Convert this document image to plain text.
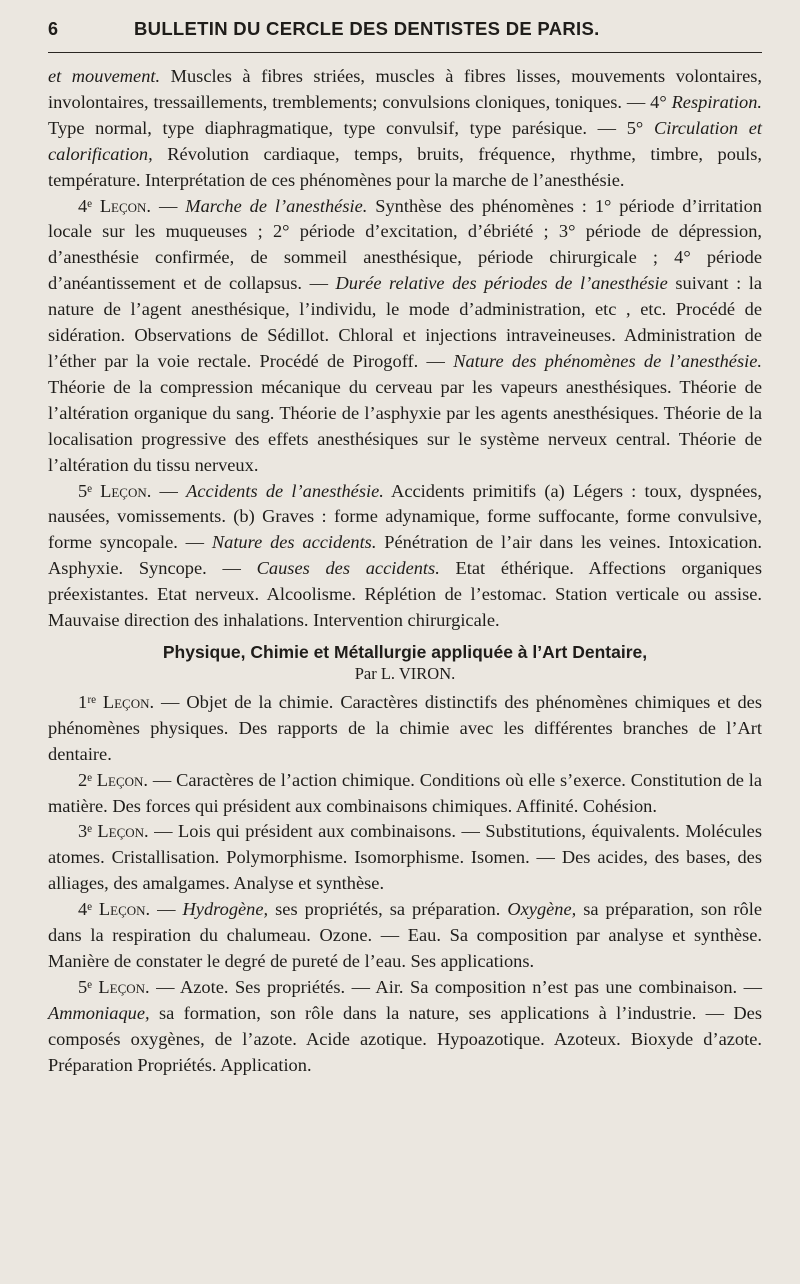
6	BULLETIN DU CERCLE DES DENTISTES DE PARIS.

et mouvement. Muscles à fibres striées, muscles à fibres lisses, mouvements volontaires, involontaires, tressaillements, tremblements; convulsions cloniques, toniques. — 4° Respiration. Type normal, type diaphragmatique, type convulsif, type parésique. — 5° Circulation et calorification, Révolution cardiaque, temps, bruits, fréquence, rhythme, timbre, pouls, température. Interprétation de ces phénomènes pour la marche de l’anesthésie.

4ᵉ Leçon. — Marche de l’anesthésie. Synthèse des phénomènes : 1° période d’irritation locale sur les muqueuses ; 2° période d’excitation, d’ébriété ; 3° période de dépression, d’anesthésie confirmée, de sommeil anesthésique, période chirurgicale ; 4° période d’anéantissement et de collapsus. — Durée relative des périodes de l’anesthésie suivant : la nature de l’agent anesthésique, l’individu, le mode d’administration, etc , etc. Procédé de sidération. Observations de Sédillot. Chloral et injections intraveineuses. Administration de l’éther par la voie rectale. Procédé de Pirogoff. — Nature des phénomènes de l’anesthésie. Théorie de la compression mécanique du cerveau par les vapeurs anesthésiques. Théorie de l’altération organique du sang. Théorie de l’asphyxie par les agents anesthésiques. Théorie de la localisation progressive des effets anesthésiques sur le système nerveux central. Théorie de l’altération du tissu nerveux.

5ᵉ Leçon. — Accidents de l’anesthésie. Accidents primitifs (a) Légers : toux, dyspnées, nausées, vomissements. (b) Graves : forme adynamique, forme suffocante, forme convulsive, forme syncopale. — Nature des accidents. Pénétration de l’air dans les veines. Intoxication. Asphyxie. Syncope. — Causes des accidents. Etat éthérique. Affections organiques préexistantes. Etat nerveux. Alcoolisme. Réplétion de l’estomac. Station verticale ou assise. Mauvaise direction des inhalations. Intervention chirurgicale.

Physique, Chimie et Métallurgie appliquée à l’Art Dentaire,
Par L. VIRON.

1ʳᵉ Leçon. — Objet de la chimie. Caractères distinctifs des phénomènes chimiques et des phénomènes physiques. Des rapports de la chimie avec les différentes branches de l’Art dentaire.

2ᵉ Leçon. — Caractères de l’action chimique. Conditions où elle s’exerce. Constitution de la matière. Des forces qui président aux combinaisons chimiques. Affinité. Cohésion.

3ᵉ Leçon. — Lois qui président aux combinaisons. — Substitutions, équivalents. Molécules atomes. Cristallisation. Polymorphisme. Isomorphisme. Isomen. — Des acides, des bases, des alliages, des amalgames. Analyse et synthèse.

4ᵉ Leçon. — Hydrogène, ses propriétés, sa préparation. Oxygène, sa préparation, son rôle dans la respiration du chalumeau. Ozone. — Eau. Sa composition par analyse et synthèse. Manière de constater le degré de pureté de l’eau. Ses applications.

5ᵉ Leçon. — Azote. Ses propriétés. — Air. Sa composition n’est pas une combinaison. — Ammoniaque, sa formation, son rôle dans la nature, ses applications à l’industrie. — Des composés oxygènes, de l’azote. Acide azotique. Hypoazotique. Azoteux. Bioxyde d’azote. Préparation Propriétés. Application.
